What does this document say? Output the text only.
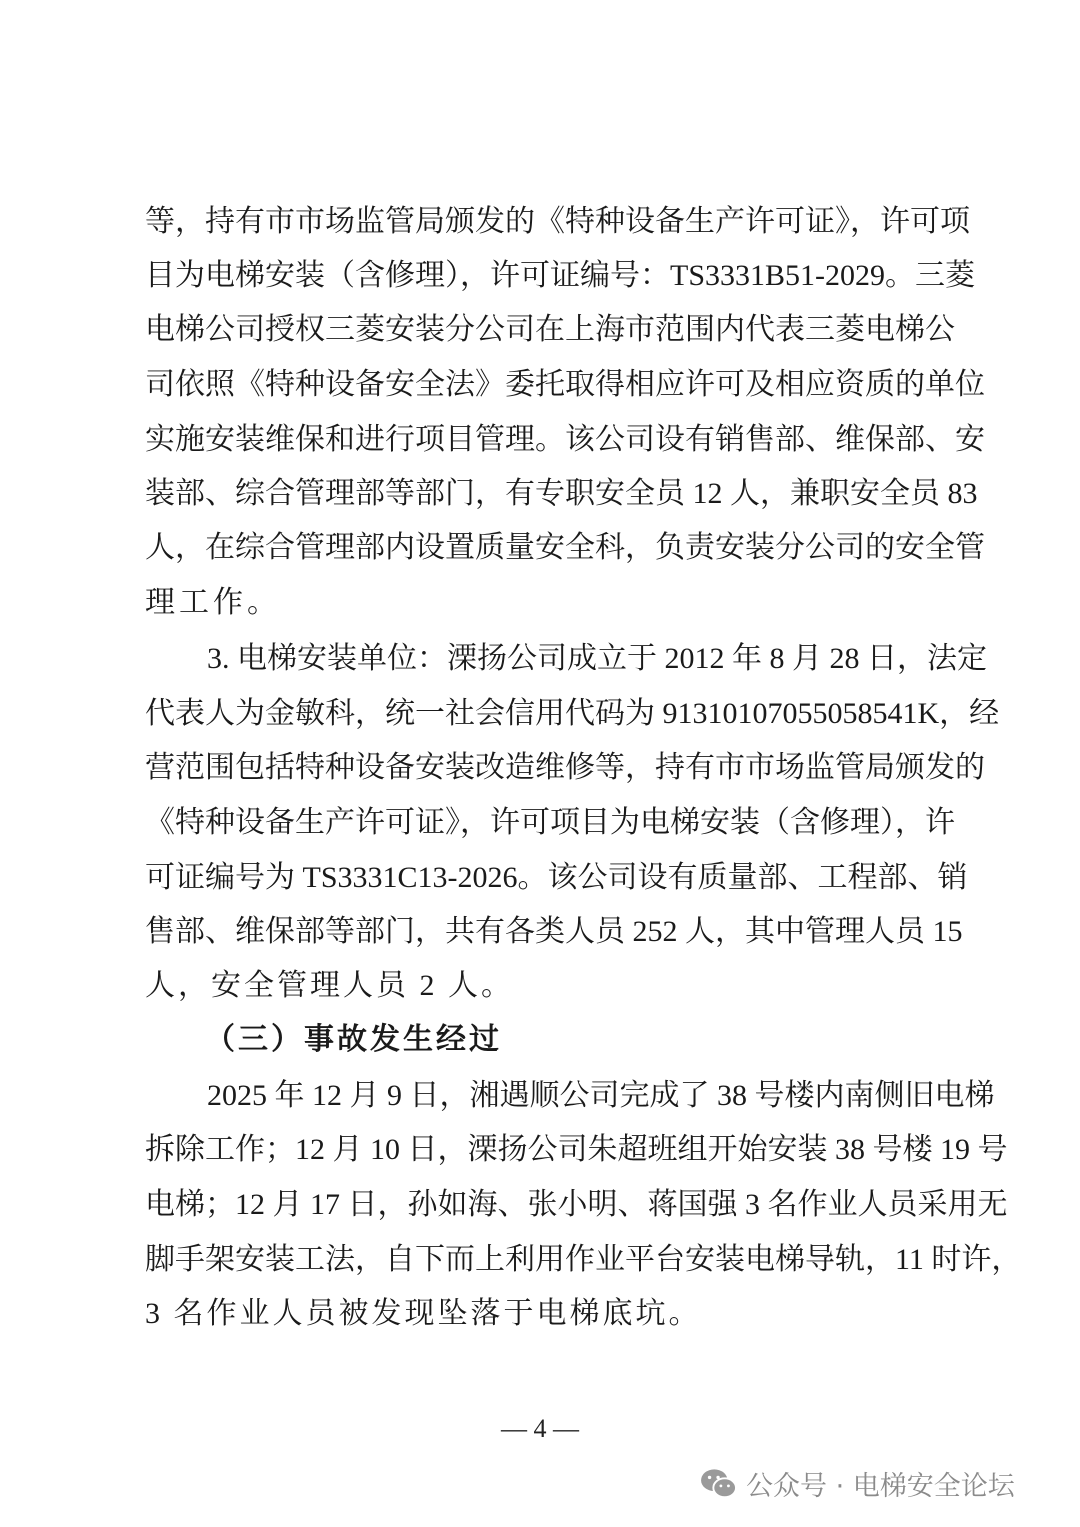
等，持有市市场监管局颁发的《特种设备生产许可证》，许可项
目为电梯安装（含修理），许可证编号：TS3331B51-2029。三菱
电梯公司授权三菱安装分公司在上海市范围内代表三菱电梯公
司依照《特种设备安全法》委托取得相应许可及相应资质的单位
实施安装维保和进行项目管理。该公司设有销售部、维保部、安
装部、综合管理部等部门，有专职安全员 12 人，兼职安全员 83
人，在综合管理部内设置质量安全科，负责安装分公司的安全管
理工作。
3. 电梯安装单位：溧扬公司成立于 2012 年 8 月 28 日，法定
代表人为金敏科，统一社会信用代码为 91310107055058541K，经
营范围包括特种设备安装改造维修等，持有市市场监管局颁发的
《特种设备生产许可证》，许可项目为电梯安装（含修理），许
可证编号为 TS3331C13-2026。该公司设有质量部、工程部、销
售部、维保部等部门，共有各类人员 252 人，其中管理人员 15
人，安全管理人员 2 人。
（三）事故发生经过
2025 年 12 月 9 日，湘遇顺公司完成了 38 号楼内南侧旧电梯
拆除工作；12 月 10 日，溧扬公司朱超班组开始安装 38 号楼 19 号
电梯；12 月 17 日，孙如海、张小明、蒋国强 3 名作业人员采用无
脚手架安装工法，自下而上利用作业平台安装电梯导轨，11 时许，
3 名作业人员被发现坠落于电梯底坑。
— 4 —
公众号 · 电梯安全论坛
